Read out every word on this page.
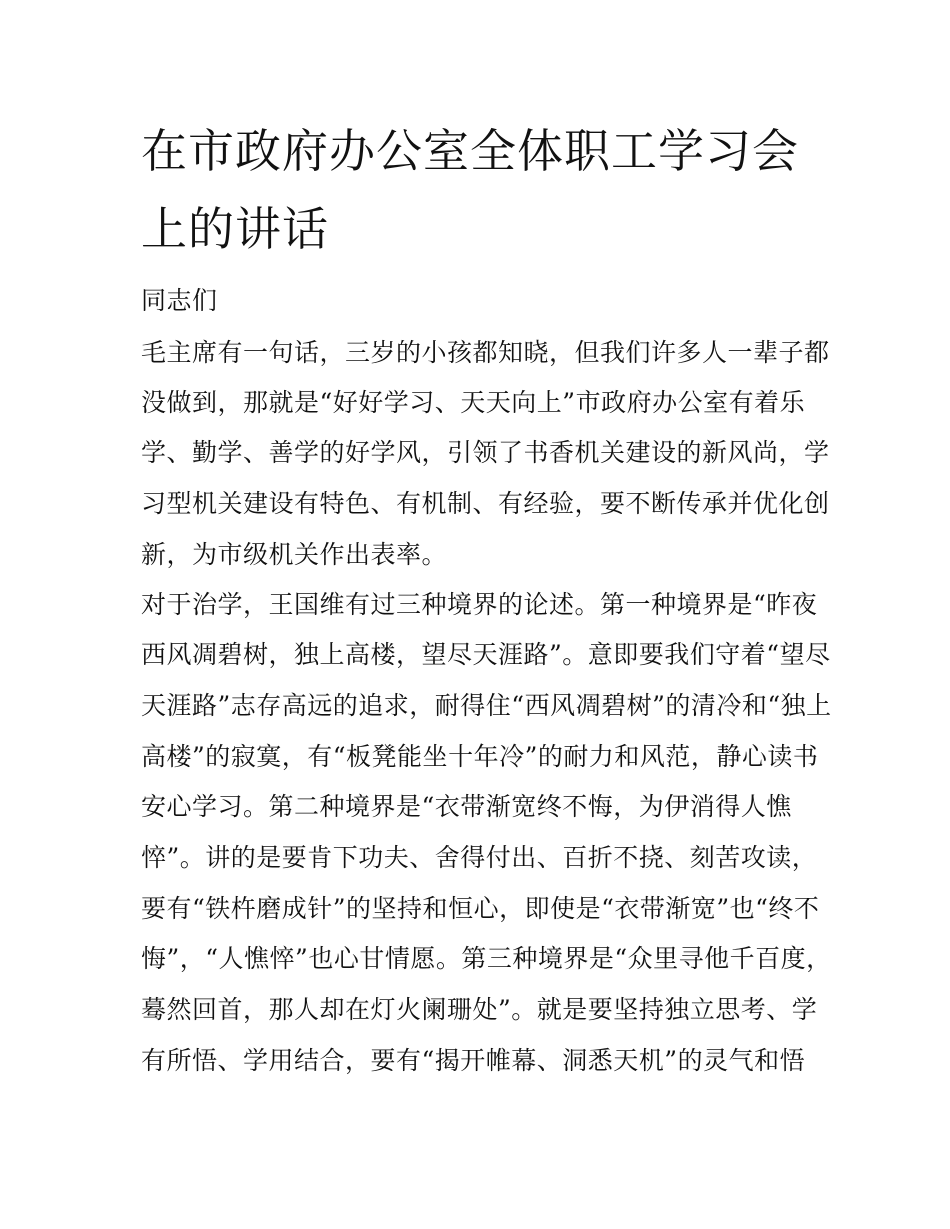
在市政府办公室全体职工学习会上的讲话

同志们

毛主席有一句话，三岁的小孩都知晓，但我们许多人一辈子都

没做到，那就是“好好学习、天天向上”市政府办公室有着乐

学、勤学、善学的好学风，引领了书香机关建设的新风尚，学

习型机关建设有特色、有机制、有经验，要不断传承并优化创

新，为市级机关作出表率。

对于治学，王国维有过三种境界的论述。第一种境界是“昨夜

西风凋碧树，独上高楼，望尽天涯路”。意即要我们守着“望尽

天涯路”志存高远的追求，耐得住“西风凋碧树”的清冷和“独上

高楼”的寂寞，有“板凳能坐十年冷”的耐力和风范，静心读书

安心学习。第二种境界是“衣带渐宽终不悔，为伊消得人憔

悴”。讲的是要肯下功夫、舍得付出、百折不挠、刻苦攻读，

要有“铁杵磨成针”的坚持和恒心，即使是“衣带渐宽”也“终不

悔”，“人憔悴”也心甘情愿。第三种境界是“众里寻他千百度，

蓦然回首，那人却在灯火阑珊处”。就是要坚持独立思考、学

有所悟、学用结合，要有“揭开帷幕、洞悉天机”的灵气和悟
